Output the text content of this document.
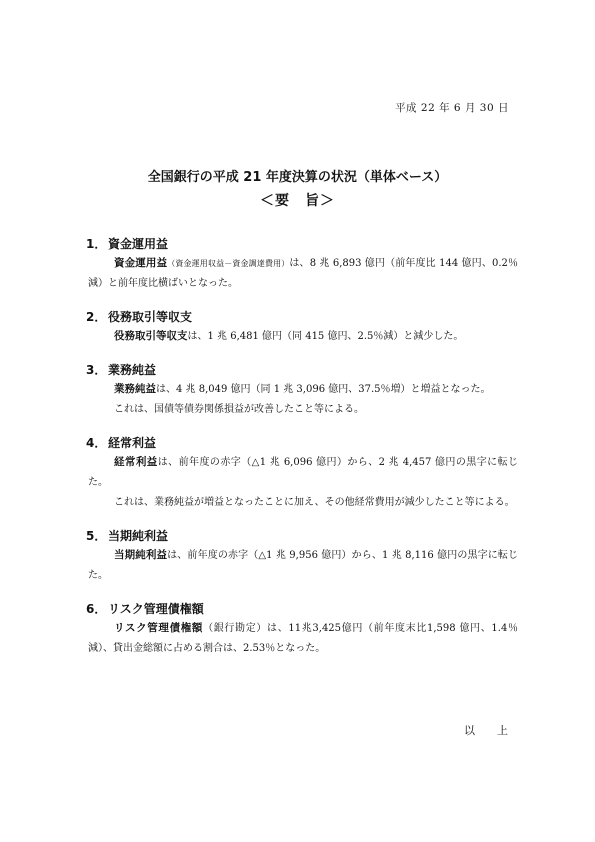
平成 22 年 6 月 30 日
全国銀行の平成 21 年度決算の状況（単体ベース）
＜要　旨＞
1． 資金運用益

資金運用益（資金運用収益－資金調達費用）は、8 兆 6,893 億円（前年度比 144 億円、0.2％減）と前年度比横ばいとなった。

2． 役務取引等収支

役務取引等収支は、1 兆 6,481 億円（同 415 億円、2.5％減）と減少した。

3． 業務純益

業務純益は、4 兆 8,049 億円（同 1 兆 3,096 億円、37.5％増）と増益となった。

これは、国債等債券関係損益が改善したこと等による。

4． 経常利益

経常利益は、前年度の赤字（△1 兆 6,096 億円）から、2 兆 4,457 億円の黒字に転じた。

これは、業務純益が増益となったことに加え、その他経常費用が減少したこと等による。

5． 当期純利益

当期純利益は、前年度の赤字（△1 兆 9,956 億円）から、1 兆 8,116 億円の黒字に転じた。

6． リスク管理債権額

リスク管理債権額（銀行勘定）は、11兆3,425億円（前年度末比1,598 億円、1.4％減）、貸出金総額に占める割合は、2.53％となった。

以 上
